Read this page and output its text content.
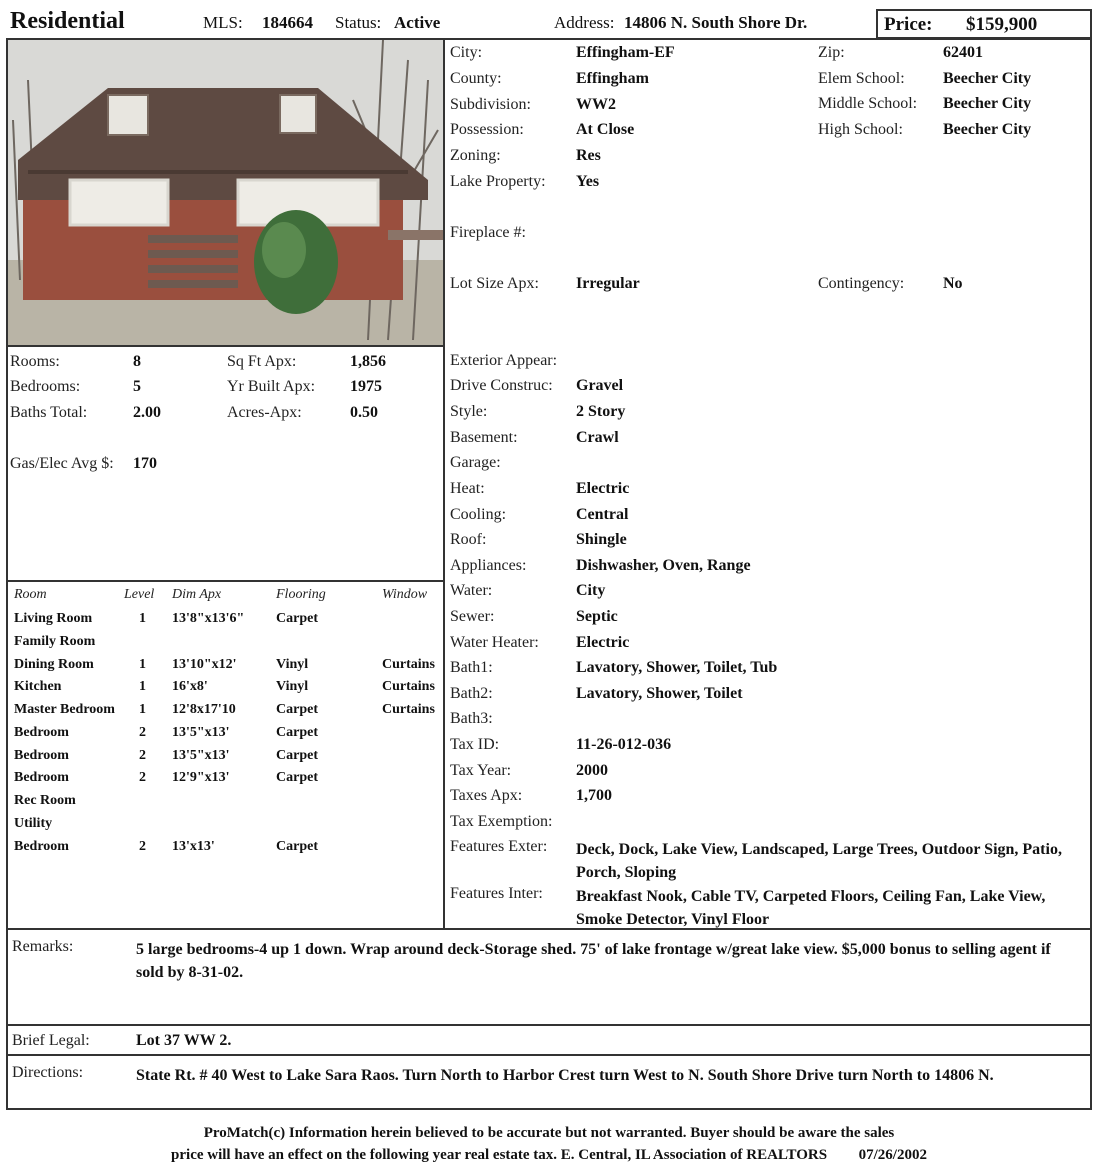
Residential	MLS: 184664 Status: Active	Address: 14806 N. South Shore Dr.	Price: $159,900
City:	Effingham-EF
County:	Effingham
Subdivision:	WW2
Possession:	At Close
Zoning:	Res
Lake Property: Yes
Fireplace #:
Lot Size Apx: Irregular
Zip:	62401
Elem School: Beecher City
Middle School: Beecher City
High School:	Beecher City
Contingency: No
Rooms:	8
Bedrooms:	5
Baths Total:	2.00
Sq Ft Apx:	1,856
Yr Built Apx: 1975
Acres-Apx:	0.50
Gas/Elec Avg $: 170
Room	Level Dim Apx	Flooring	Window
Living Room	1 13'8"x13'6" Carpet
Family Room
Dining Room	1 13'10"x12'	Vinyl	Curtains
Kitchen	1 16'x8'	Vinyl	Curtains
Master Bedroom 1 12'8x17'10	Carpet	Curtains
Bedroom	2 13'5"x13'	Carpet
Bedroom	2 13'5"x13'	Carpet
Bedroom	2 12'9"x13'	Carpet
Rec Room
Utility
Bedroom	2 13'x13'	Carpet
Exterior Appear:
Drive Construc: Gravel
Style:	2 Story
Basement:	Crawl
Garage:
Heat:	Electric
Cooling:	Central
Roof:	Shingle
Appliances:	Dishwasher, Oven, Range
Water:	City
Sewer:	Septic
Water Heater: Electric
Bath1:	Lavatory, Shower, Toilet, Tub
Bath2:	Lavatory, Shower, Toilet
Bath3:
Tax ID:	11-26-012-036
Tax Year:	2000
Taxes Apx:	1,700
Tax Exemption:
Features Exter: Deck, Dock, Lake View, Landscaped, Large Trees, Outdoor Sign, Patio, Porch, Sloping
Features Inter: Breakfast Nook, Cable TV, Carpeted Floors, Ceiling Fan, Lake View, Smoke Detector, Vinyl Floor
Remarks:	5 large bedrooms-4 up 1 down. Wrap around deck-Storage shed. 75' of lake frontage w/great lake view. $5,000 bonus to selling agent if sold by 8-31-02.
Brief Legal:	Lot 37 WW 2.
Directions:	State Rt. # 40 West to Lake Sara Raos. Turn North to Harbor Crest turn West to N. South Shore Drive turn North to 14806 N.
ProMatch(c) Information herein believed to be accurate but not warranted. Buyer should be aware the sales
price will have an effect on the following year real estate tax. E. Central, IL Association of REALTORS 07/26/2002
